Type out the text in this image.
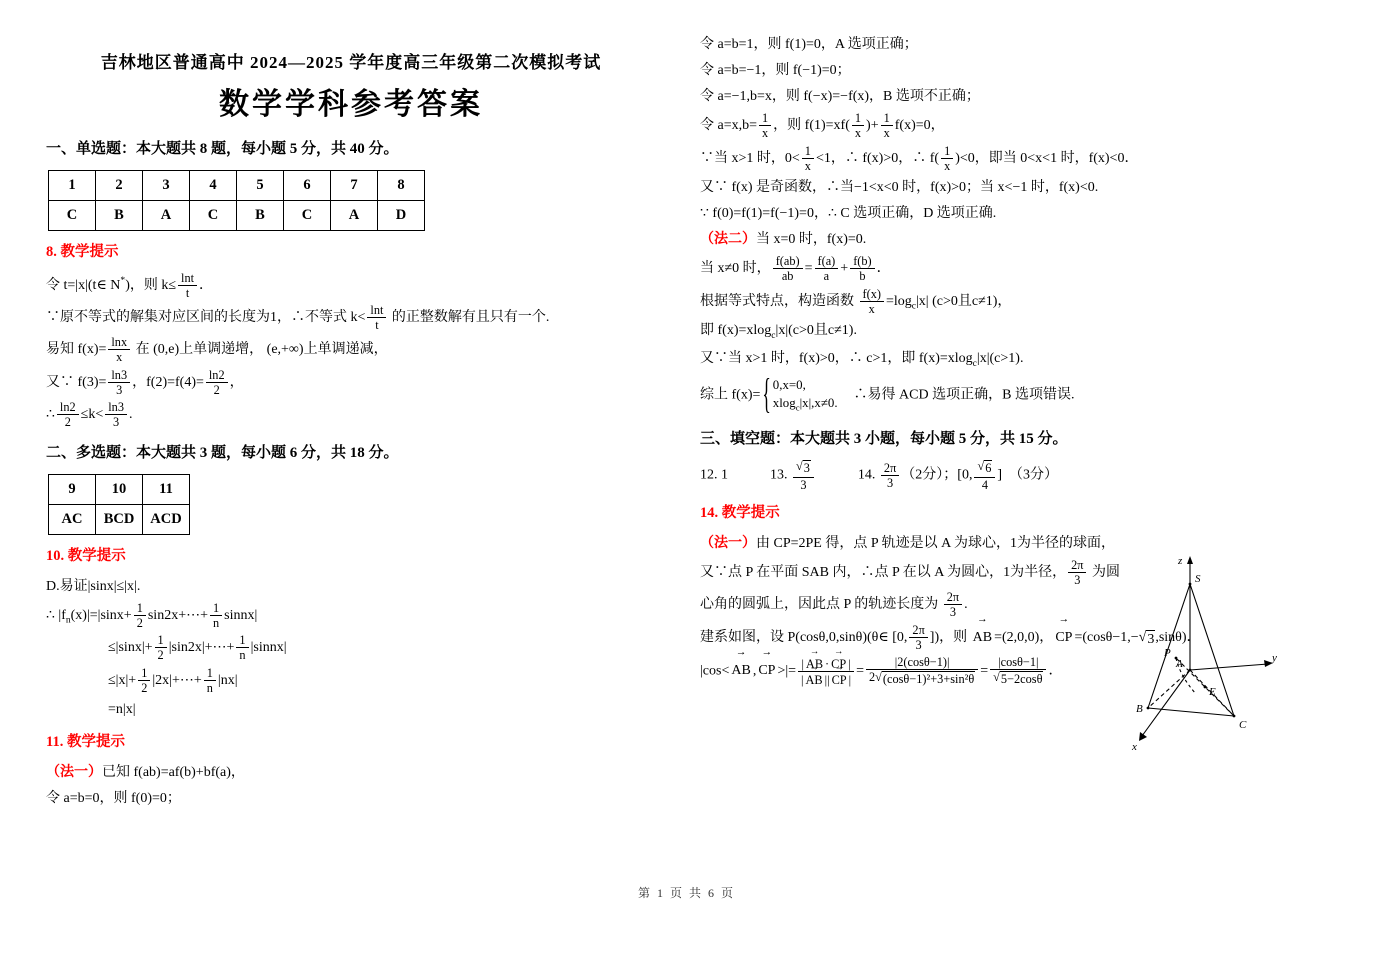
吉林地区普通高中 2024—2025 学年度高三年级第二次模拟考试
数学学科参考答案
一、单选题：本大题共 8 题，每小题 5 分，共 40 分。
1	2	3	4	5	6	7	8
C	B	A	C	B	C	A	D
8. 教学提示
令 t=|x|(t∈ N*)，则 $k\le \frac{\ln t}{t}$ ．
∵原不等式的解集对应区间的长度为1，∴不等式 $k< \frac{\ln t}{t}$ 的正整数解有且只有一个.
易知 $f(x)= \frac{\ln x}{x}$ 在 (0,e)上单调递增， (e,+∞)上单调递减，
又∵ $f(3)= \frac{\ln 3}{3}$ ，$f(2)=f(4)= \frac{\ln 2}{2}$ ，
∴ $\frac{\ln 2}{2} \le k< \frac{\ln 3}{3}$ .
二、多选题：本大题共 3 题，每小题 6 分，共 18 分。
9	10	11
AC	BCD	ACD
10. 教学提示
D.易证|sinx|≤|x|.
∴ $|f_n(x)|=|\sin x+ \frac{1}{2}$ sin2x+⋯+ $\frac{1}{n}$ sinnx|
$\le|\sin x|+ \frac{1}{2}$ |sin2x|+⋯+ $\frac{1}{n}$ |sinnx|
$\le|x|+ \frac{1}{2}$ |2x|+⋯+ $\frac{1}{n} |nx|$
=n|x|
11. 教学提示
（法一）已知 f(ab)=af(b)+bf(a)，
令 a=b=0，则 f(0)=0；
令 a=b=1，则 f(1)=0，A 选项正确；
令 a=b=−1，则 f(−1)=0；
令 a=−1,b=x，则 f(−x)=−f(x)，B 选项不正确；
令 $a=x,b= \frac{1}{x}$ ，则 $f(1)=xf( \frac{1}{x}$ )+ $\frac{1}{x} f(x)=0$，
∵当 x>1 时，$0< \frac{1}{x} <1$，∴ f(x)>0，∴ $f( \frac{1}{x} )<0$，即当 0<x<1 时，f(x)<0．
又∵ f(x) 是奇函数，∴当−1<x<0 时，f(x)>0；当 x<−1 时，f(x)<0.
∵ f(0)=f(1)=f(−1)=0，∴ C 选项正确，D 选项正确.
（法二）当 x=0 时，f(x)=0.
当 x≠0 时， $\frac{f(ab)}{ab} = \frac{f(a)}{a} + \frac{f(b)}{b}$ ．
根据等式特点，构造函数 $\frac{f(x)}{x} =\log_c|x|$ (c>0且c≠1)，
即 f(x)=xlog$_c$|x|(c>0且c≠1).
又∵当 x>1 时，f(x)>0，∴ c>1，即 f(x)=xlog$_c$|x|(c>1).
综上 f(x)= { 0,x=0,
xlog$_c$|x|,x≠0.
　∴易得 ACD 选项正确，B 选项错误.
三、填空题：本大题共 3 小题，每小题 5 分，共 15 分。
12. 1　　　13. $\frac{√ 3}{3}$ 　　　14. $\frac{2\pi}{3} (2$分）；[0, $\frac{√ 6}{4}$ ]　（3分）
14. 教学提示
（法一）由 CP=2PE 得，点 P 轨迹是以 A 为球心，1为半径的球面，
又∵点 P 在平面 SAB 内，∴点 P 在以 A 为圆心，1为半径， $\frac{2\pi}{3}$ 为圆
心角的圆弧上，因此点 P 的轨迹长度为 $\frac{2\pi}{3}$ .
建系如图，设 P(cosθ,0,sinθ)(θ∈ [0, $\frac{2\pi}{3}$ ])，则 → AB =(2,0,0)， → CP =(cosθ−1,− √ 3 ,sinθ)．
|cos< → AB , → CP >|= $\frac{| \to AB \cdot \to CP |}{| \to AB || \to CP |} = \frac{|2(\cos\theta-1)|}{\text{2 √ (cosθ−1)²+3+sin²θ}} = \frac{|\cos\theta-1|}{√ 5-2\cos\theta}$ ．
z
y
x
S
A
B
C
E
P
第 1 页 共 6 页
